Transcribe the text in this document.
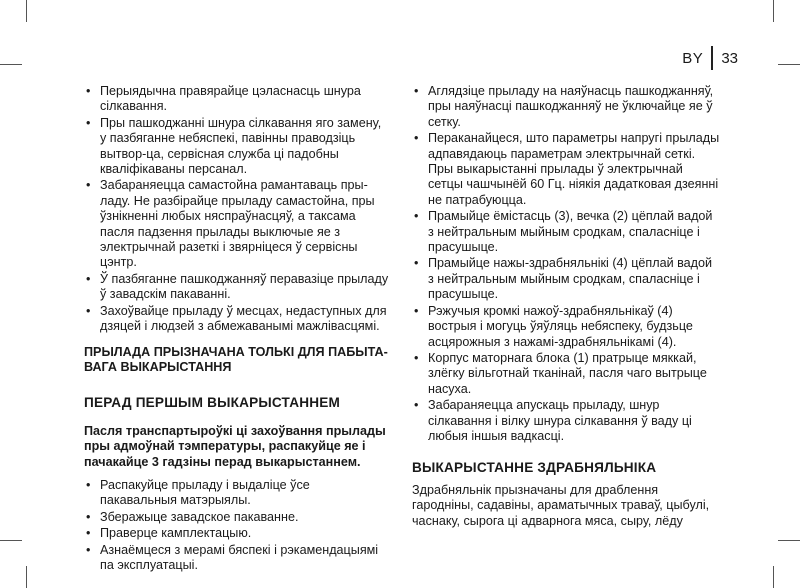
BY 33
• Перыядычна правярайце цэласнасць шнура сілкавання.
• Пры пашкоджанні шнура сілкавання яго замену, у пазбяганне небяспекі, павінны праводзіць вытвор-ца, сервісная служба ці падобны кваліфікаваны персанал.
• Забараняецца самастойна рамантаваць пры-ладу. Не разбірайце прыладу самастойна, пры ўзнікненні любых няспраўнасцяў, а таксама пасля падзення прылады выключые яе з электрычнай разеткі і звярніцеся ў сервісны цэнтр.
• Ў пазбяганне пашкоджанняў перавазіце прыладу ў завадскім пакаванні.
• Захоўвайце прыладу ў месцах, недаступных для дзяцей і людзей з абмежаванымі мажлівасцямі.

ПРЫЛАДА ПРЫЗНАЧАНА ТОЛЬКІ ДЛЯ ПАБЫТА-ВАГА ВЫКАРЫСТАННЯ

ПЕРАД ПЕРШЫМ ВЫКАРЫСТАННЕМ

Пасля транспартыроўкі ці захоўвання прылады пры адмоўнай тэмпературы, распакуйце яе і пачакайце 3 гадзіны перад выкарыстаннем.

• Распакуйце прыладу і выдаліце ўсе пакавальныя матэрыялы.
• Зберажыце завадское пакаванне.
• Праверце камплектацыю.
• Азнаёмцеся з мерамі бяспекі і рэкамендацыямі па эксплуатацыі.
• Аглядзіце прыладу на наяўнасць пашкоджанняў, пры наяўнасці пашкоджанняў не ўключайце яе ў сетку.
• Пераканайцеся, што параметры напругі прылады адпавядаюць параметрам электрычнай сеткі. Пры выкарыстанні прылады ў электрычнай сетцы чашчынёй 60 Гц. ніякія дадатковая дзеянні не патрабуюцца.
• Прамыйце ёмістасць (3), вечка (2) цёплай вадой з нейтральным мыйным сродкам, спаласніце і прасушыце.
• Прамыйце нажы-здрабняльнікі (4) цёплай вадой з нейтральным мыйным сродкам, спаласніце і прасушыце.
• Рэжучыя кромкі нажоў-здрабняльнікаў (4) вострыя і могуць ўяўляць небяспеку, будзьце асцярожныя з нажамі-здрабняльнікамі (4).
• Корпус маторнага блока (1) пратрыце мяккай, злёгку вільготнай тканінай, пасля чаго вытрыце насуха.
• Забараняецца апускаць прыладу, шнур сілкавання і вілку шнура сілкавання ў ваду ці любыя іншыя вадкасці.
ВЫКАРЫСТАННЕ ЗДРАБНЯЛЬНІКА

Здрабняльнік прызначаны для драблення гароднiны, садавіны, араматычных траваў, цыбулі, часнаку, сырога ці адварнога мяса, сыру, лёду
